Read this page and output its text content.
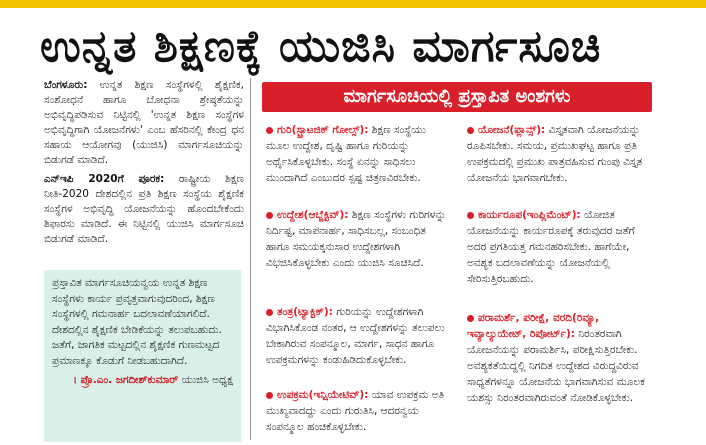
ಉನ್ನತ ಶಿಕ್ಷಣಕ್ಕೆ ಯುಜಿಸಿ ಮಾರ್ಗಸೂಚಿ

ಬೆಂಗಳೂರು: ಉನ್ನತ ಶಿಕ್ಷಣ ಸಂಸ್ಥೆಗಳಲ್ಲಿ ಶೈಕ್ಷಣಿಕ, ಸಂಶೋಧನೆ ಹಾಗೂ ಬೋಧನಾ ಶ್ರೇಷ್ಠತೆಯನ್ನು ಅಭಿವೃದ್ಧಿಪಡಿಸುವ ನಿಟ್ಟಿನಲ್ಲಿ 'ಉನ್ನತ ಶಿಕ್ಷಣ ಸಂಸ್ಥೆಗಳ ಅಭಿವೃದ್ಧಿಗಾಗಿ ಯೋಜನೆಗಳು' ಎಂಬ ಹೆಸರಿನಲ್ಲಿ ಕೇಂದ್ರ ಧನ ಸಹಾಯ ಆಯೋಗವು (ಯುಜಿಸಿ) ಮಾರ್ಗಸೂಚಿಯನ್ನು ಬಿಡುಗಡೆ ಮಾಡಿದೆ.

ಎನ್ಇಪಿ 2020ಗೆ ಪೂರಕ: ರಾಷ್ಟ್ರೀಯ ಶಿಕ್ಷಣ ನೀತಿ-2020 ದೇಶದಲ್ಲಿನ ಪ್ರತಿ ಶಿಕ್ಷಣ ಸಂಸ್ಥೆಯ ಶೈಕ್ಷಣಿಕ ಸಂಸ್ಥೆಗಳ ಅಭಿವೃದ್ಧಿ ಯೋಜನೆಯನ್ನು ಹೊಂದಬೇಕೆಂದು ಶಿಫಾರಸು ಮಾಡಿದೆ. ಈ ನಿಟ್ಟಿನಲ್ಲಿ ಯುಜಿಸಿ ಮಾರ್ಗಸೂಚಿ ಬಿಡುಗಡೆ ಮಾಡಿದೆ.

ಪ್ರಸ್ತಾವಿತ ಮಾರ್ಗಸೂಚಿಯನ್ವಯ ಉನ್ನತ ಶಿಕ್ಷಣ ಸಂಸ್ಥೆಗಳು ಕಾರ್ಯ ಪ್ರವೃತ್ತವಾಗುವುದರಿಂದ, ಶಿಕ್ಷಣ ಸಂಸ್ಥೆಗಳಲ್ಲಿ ಗಮನಾರ್ಹ ಬದಲಾವಣೆಯಾಗಲಿದೆ. ದೇಶದಲ್ಲಿನ ಶೈಕ್ಷಣಿಕ ಬೇಡಿಕೆಯನ್ನು ತಲುಪಬಹುದು. ಜತೆಗೆ, ಜಾಗತಿಕ ಮಟ್ಟದಲ್ಲಿನ ಶೈಕ್ಷಣಿಕ ಗುಣಮಟ್ಟದ ಪ್ರಮಾಣಕ್ಕೂ ಕೊಡುಗೆ ನೀಡಬಹುದಾಗಿದೆ.

। ಪ್ರೊ.ಎಂ. ಜಗದೀಶ್‌ಕುಮಾರ್ ಯುಜಿಸಿ ಅಧ್ಯಕ್ಷ
ಮಾರ್ಗಸೂಚಿಯಲ್ಲಿ ಪ್ರಸ್ತಾಪಿತ ಅಂಶಗಳು
ಗುರಿ(ಸ್ಟ್ರಾಟಜಿಕ್ ಗೋಲ್ಸ್): ಶಿಕ್ಷಣ ಸಂಸ್ಥೆಯು ಮೂಲ ಉದ್ದೇಶ, ದೃಷ್ಟಿ ಹಾಗೂ ಗುರಿಯನ್ನು ಅರ್ಥೈಸಿಕೊಳ್ಳಬೇಕು. ಸಂಸ್ಥೆ ಏನನ್ನು ಸಾಧಿಸಲು ಮುಂದಾಗಿದೆ ಎಂಬುದರ ಸ್ಪಷ್ಟ ಚಿತ್ರಣವಿರಬೇಕು.
ಉದ್ದೇಶ(ಆಬ್ಜೆಕ್ಟಿವ್): ಶಿಕ್ಷಣ ಸಂಸ್ಥೆಗಳು ಗುರಿಗಳನ್ನು ನಿರ್ದಿಷ್ಟ, ಮಾಪನಾರ್ಹ, ಸಾಧಿಸಬಲ್ಲ, ಸಂಬಂಧಿತ ಹಾಗೂ ಸಮಯಕ್ಕನುಸಾರ ಉದ್ದೇಶಗಳಾಗಿ ವಿಭಜಿಸಿಕೊಳ್ಳಬೇಕು ಎಂದು ಯುಜಿಸಿ ಸೂಚಿಸಿದೆ.
ತಂತ್ರ(ಟ್ಯಾಕ್ಟಿಕ್): ಗುರಿಯನ್ನು ಉದ್ದೇಶಗಳಾಗಿ ವಿಭಾಗಿಸಿಕೊಂಡ ನಂತರ, ಆ ಉದ್ದೇಶಗಳನ್ನು ತಲುಪಲು ಬೇಕಾಗಿರುವ ಸಂಪನ್ಮೂಲ, ಮಾರ್ಗ, ಸಾಧನ ಹಾಗೂ ಉಪಕ್ರಮಗಳನ್ನು ಕಂಡುಹಿಡಿದುಕೊಳ್ಳಬೇಕು.
ಉಪಕ್ರಮ(ಇನ್ಷಿಯೇಟಿವ್): ಯಾವ ಉಪಕ್ರಮ ಅತಿ ಮುಖ್ಯವಾದದ್ದು ಎಂದು ಗುರುತಿಸಿ, ಆದರನ್ವಯ ಸಂಪನ್ಮೂಲ ಹಂಚಿಕೊಳ್ಳಬೇಕು.
ಯೋಜನೆ(ಪ್ಲಾನ್ಸ್): ವಿಸ್ತೃತವಾಗಿ ಯೋಜನೆಯನ್ನು ರೂಪಿಸಬೇಕು. ಸಮಯ, ಪ್ರಮುಖಘಟ್ಟ ಹಾಗೂ ಪ್ರತಿ ಉಪಕ್ರಮದಲ್ಲಿ ಪ್ರಮುಖ ಪಾತ್ರವಹಿಸುವ ಗುಂಪು ವಿಸ್ತೃತ ಯೋಜನೆಯ ಭಾಗವಾಗಬೇಕು.
ಕಾರ್ಯರೂಪ(ಇಂಪ್ಲಿಮೆಂಟ್): ಯೋಜಿತ ಯೋಜನೆಯನ್ನು ಕಾರ್ಯರೂಪಕ್ಕೆ ತರುವುದರ ಜತೆಗೆ ಅದರ ಪ್ರಗತಿಯತ್ತ ಗಮನಹರಿಸಬೇಕು. ಹಾಗೆಯೇ, ಅವಶ್ಯಕ ಬದಲಾವಣೆಯನ್ನು ಯೋಜನೆಯಲ್ಲಿ ಸೇರಿಸುತ್ತಿರಬಹುದು.
ಪರಾಮರ್ಶೆ, ಪರೀಕ್ಷೆ, ವರದಿ(ರಿವ್ಯೂ, ಇವ್ಯಾಲ್ಯುಯೇಟ್, ರಿಪೋರ್ಟ್): ನಿರಂತರವಾಗಿ ಯೋಜನೆಯನ್ನು ಪರಾಮರ್ಶಿಸಿ, ಪರೀಕ್ಷಿಸುತ್ತಿರಬೇಕು. ಅವಶ್ಯಕತೆಯಿದ್ದಲ್ಲಿ ನಿಗದಿತ ಉದ್ದೇಶದ ವಿರುದ್ಧವಿರುವ ಸಾಧ್ಯತೆಗಳನ್ನೂ ಯೋಜನೆಯ ಭಾಗವಾಗಿಸುವ ಮೂಲಕ ಯಶಸ್ಸು ನಿರಂತರವಾಗಿರುವಂತೆ ನೋಡಿಕೊಳ್ಳಬೇಕು.
